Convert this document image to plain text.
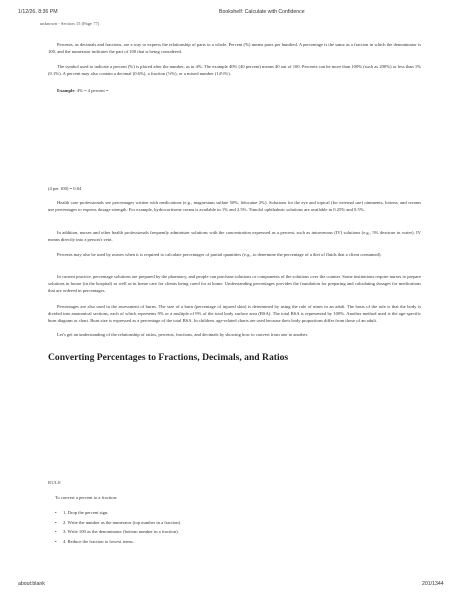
1/12/26, 8:36 PM	Bookshelf: Calculate with Confidence
unknown - Section 15 (Page 77)

Percents, as decimals and fractions, are a way to express the relationship of parts to a whole. Percent (%) means parts per hundred. A percentage is the same as a fraction in which the denominator is 100, and the numerator indicates the part of 100 that is being considered.

The symbol used to indicate a percent (%) is placed after the number, as in 4%. The example 40% (40 percent) means 40 out of 100. Percents can be more than 100% (such as 200%) or less than 1% (0.1%). A percent may also contain a decimal (0.6%), a fraction (½%), or a mixed number (14½%).

Example: 4% = 4 percent =
(4 per 100) = 0.04

Health care professionals see percentages written with medications (e.g., magnesium sulfate 50%, lidocaine 2%). Solutions for the eye and topical (for external use) ointments, lotions, and creams use percentages to express dosage strength. For example, hydrocortisone cream is available in 1% and 2.5%. Timolol ophthalmic solutions are available in 0.25% and 0.5%.

In addition, nurses and other health professionals frequently administer solutions with the concentration expressed as a percent, such as intravenous (IV) solutions (e.g., 5% dextrose in water). IV means directly into a person's vein.

Percents may also be used by nurses when it is required to calculate percentages of partial quantities (e.g., to determine the percentage of a diet of fluids that a client consumed).

In current practice, percentage solutions are prepared by the pharmacy, and people can purchase solutions or components of the solutions over the counter. Some institutions require nurses to prepare solutions in house (in the hospital) as well as in home care for clients being cared for at home. Understanding percentages provides the foundation for preparing and calculating dosages for medications that are ordered in percentages.

Percentages are also used in the assessment of burns. The size of a burn (percentage of injured skin) is determined by using the rule of nines in an adult. The basis of the rule is that the body is divided into anatomical sections, each of which represents 9% or a multiple of 9% of the total body surface area (BSA). The total BSA is represented by 100%. Another method used is the age-specific burn diagram or chart. Burn size is expressed as a percentage of the total BSA. In children, age-related charts are used because their body proportions differ from those of an adult.

Let's get an understanding of the relationship of ratios, percents, fractions, and decimals by showing how to convert from one to another.

Converting Percentages to Fractions, Decimals, and Ratios
RULE
To convert a percent to a fraction:
• 1. Drop the percent sign.
• 2. Write the number as the numerator (top number in a fraction).
• 3. Write 100 as the denominator (bottom number in a fraction).
• 4. Reduce the fraction to lowest terms.
about:blank	201/1344
